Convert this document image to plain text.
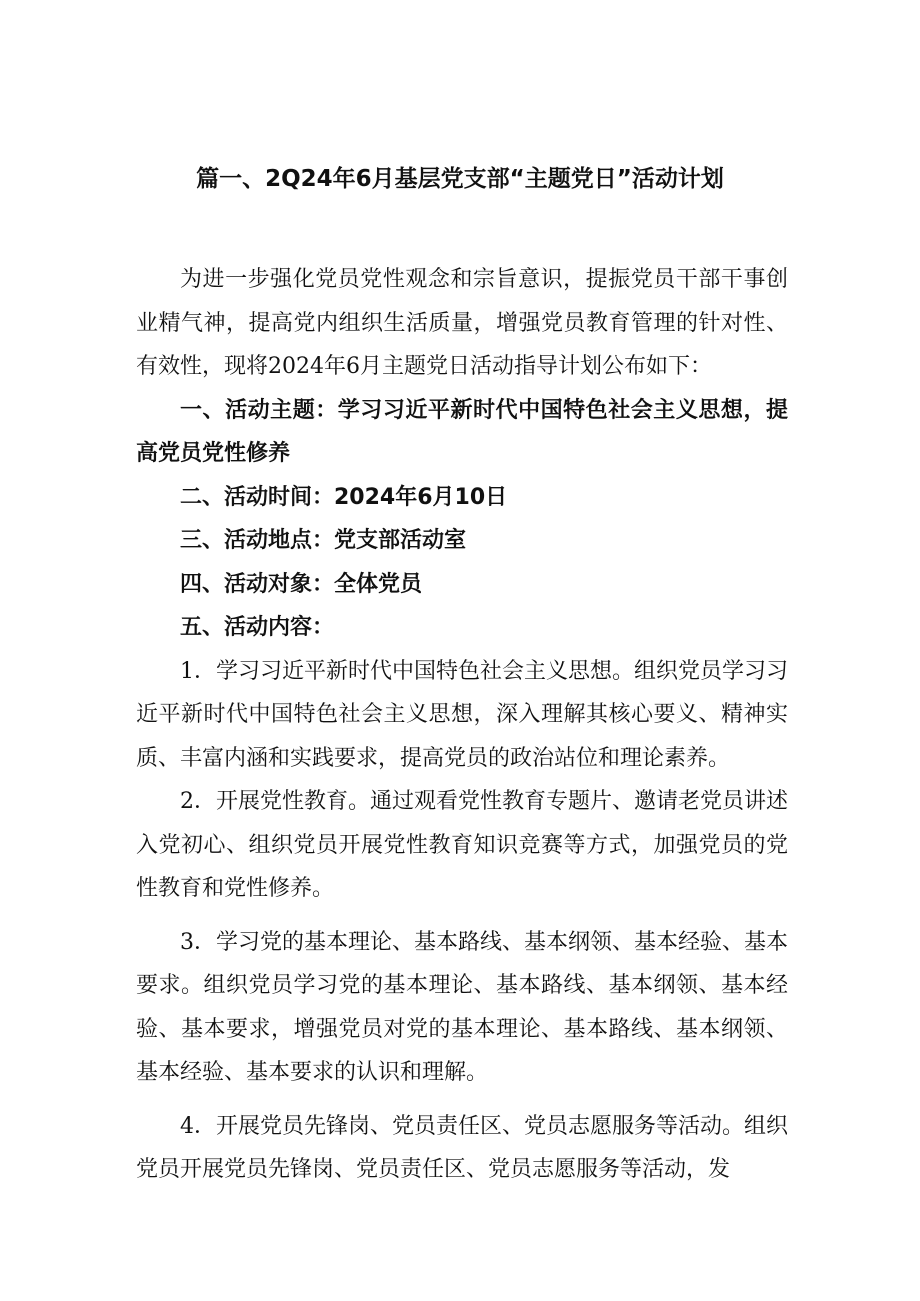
篇一、2Q24年6月基层党支部“主题党日”活动计划

为进一步强化党员党性观念和宗旨意识，提振党员干部干事创业精气神，提高党内组织生活质量，增强党员教育管理的针对性、有效性，现将2024年6月主题党日活动指导计划公布如下：

一、活动主题：学习习近平新时代中国特色社会主义思想，提高党员党性修养

二、活动时间：2024年6月10日

三、活动地点：党支部活动室

四、活动对象：全体党员

五、活动内容：

1．学习习近平新时代中国特色社会主义思想。组织党员学习习近平新时代中国特色社会主义思想，深入理解其核心要义、精神实质、丰富内涵和实践要求，提高党员的政治站位和理论素养。

2．开展党性教育。通过观看党性教育专题片、邀请老党员讲述入党初心、组织党员开展党性教育知识竞赛等方式，加强党员的党性教育和党性修养。

3．学习党的基本理论、基本路线、基本纲领、基本经验、基本要求。组织党员学习党的基本理论、基本路线、基本纲领、基本经验、基本要求，增强党员对党的基本理论、基本路线、基本纲领、基本经验、基本要求的认识和理解。

4．开展党员先锋岗、党员责任区、党员志愿服务等活动。组织党员开展党员先锋岗、党员责任区、党员志愿服务等活动，发
